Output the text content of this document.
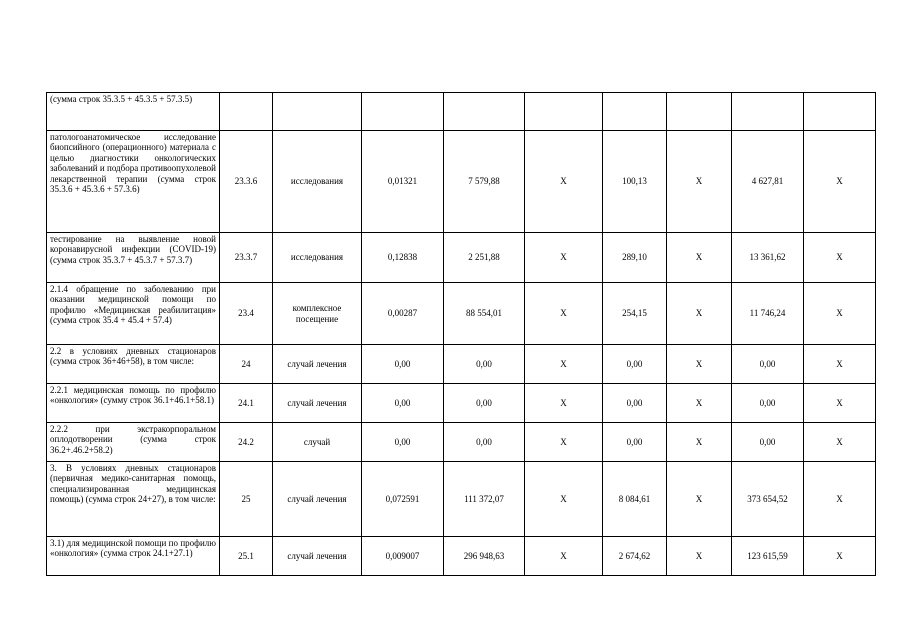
(сумма строк 35.3.5 + 45.3.5 + 57.3.5)									
патологоанатомическое исследование биопсийного (операционного) материала с целью диагностики онкологических заболеваний и подбора противоопухолевой лекарственной терапии (сумма строк 35.3.6 + 45.3.6 + 57.3.6)	23.3.6	исследования	0,01321	7 579,88	Х	100,13	Х	4 627,81	Х
тестирование на выявление новой коронавирусной инфекции (COVID-19) (сумма строк 35.3.7 + 45.3.7 + 57.3.7)	23.3.7	исследования	0,12838	2 251,88	Х	289,10	Х	13 361,62	Х
2.1.4 обращение по заболеванию при оказании медицинской помощи по профилю «Медицинская реабилитация» (сумма строк 35.4 + 45.4 + 57.4)	23.4	комплексное посещение	0,00287	88 554,01	Х	254,15	Х	11 746,24	Х
2.2 в условиях дневных стационаров (сумма строк 36+46+58), в том числе:	24	случай лечения	0,00	0,00	Х	0,00	Х	0,00	Х
2.2.1 медицинская помощь по профилю «онкология» (сумму строк 36.1+46.1+58.1)	24.1	случай лечения	0,00	0,00	Х	0,00	Х	0,00	Х
2.2.2 при экстракорпоральном оплодотворении (сумма строк 36.2+.46.2+58.2)	24.2	случай	0,00	0,00	Х	0,00	Х	0,00	Х
3. В условиях дневных стационаров (первичная медико-санитарная помощь, специализированная медицинская помощь) (сумма строк 24+27), в том числе:	25	случай лечения	0,072591	111 372,07	Х	8 084,61	Х	373 654,52	Х
3.1) для медицинской помощи по профилю «онкология» (сумма строк 24.1+27.1)	25.1	случай лечения	0,009007	296 948,63	Х	2 674,62	Х	123 615,59	Х
